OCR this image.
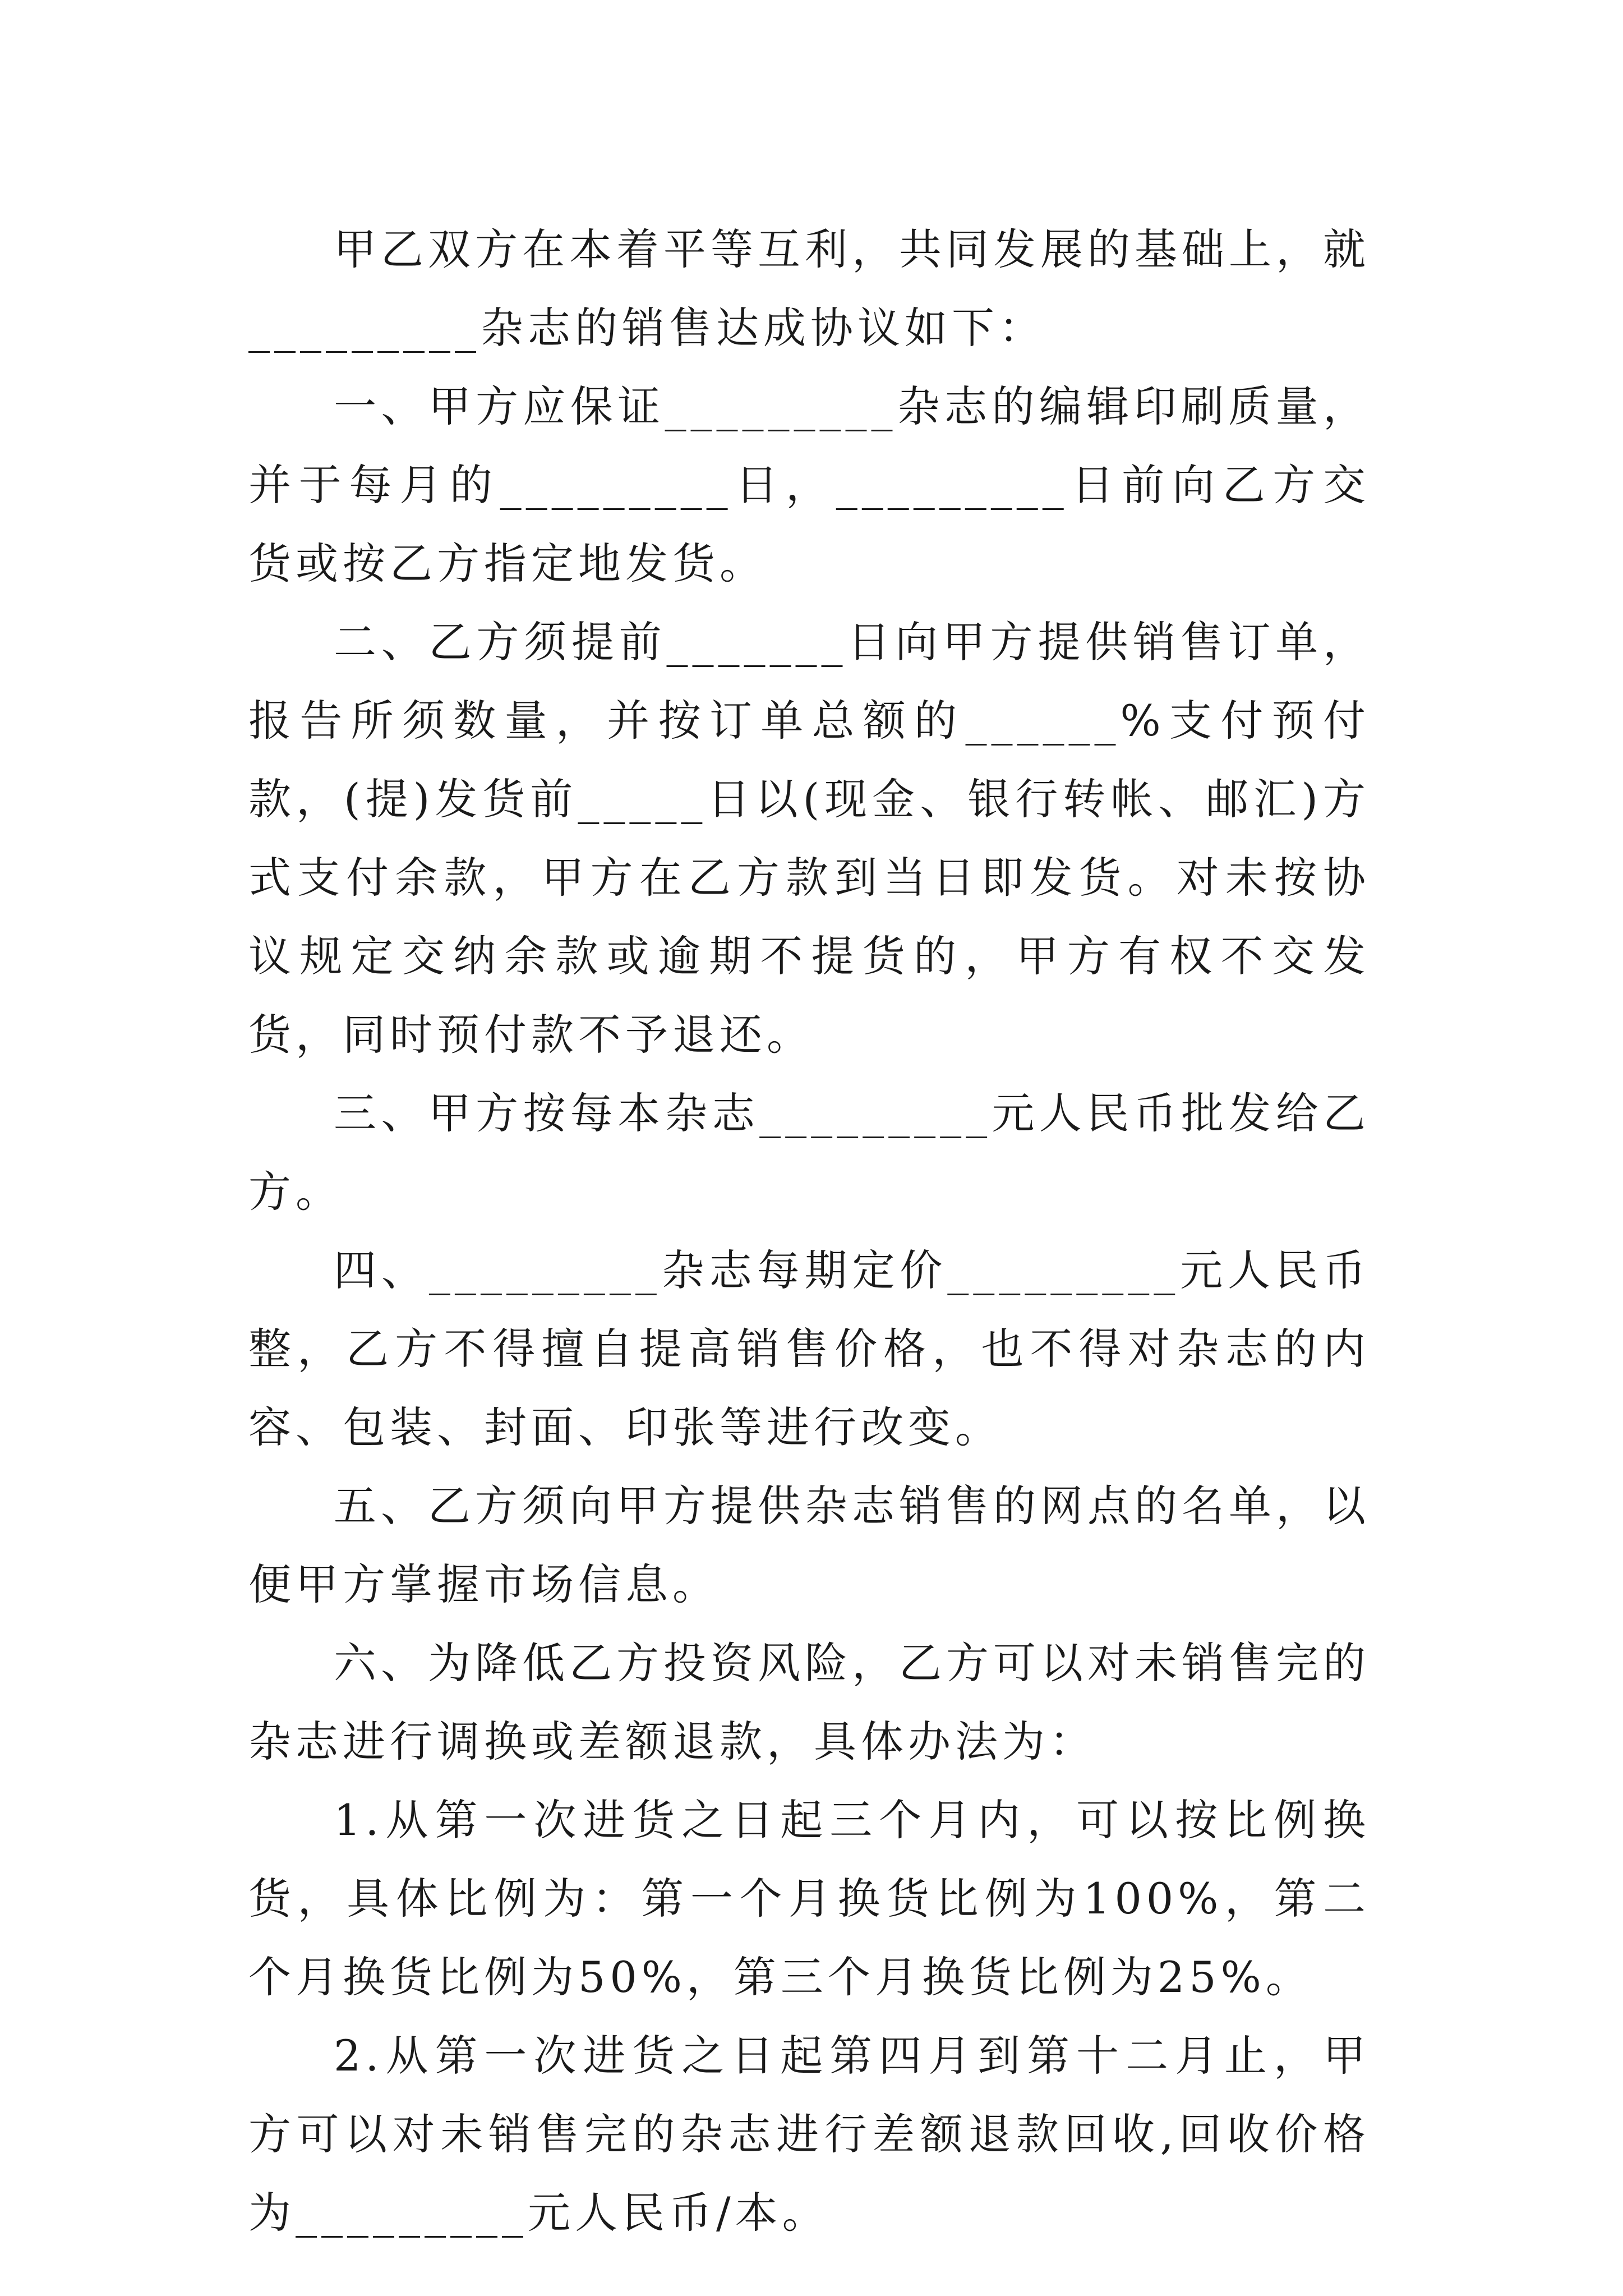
甲乙双方在本着平等互利，共同发展的基础上，就_________杂志的销售达成协议如下：

一、甲方应保证_________杂志的编辑印刷质量，并于每月的_________日，_________日前向乙方交货或按乙方指定地发货。

二、乙方须提前_______日向甲方提供销售订单，报告所须数量，并按订单总额的______%支付预付款，(提)发货前_____日以(现金、银行转帐、邮汇)方式支付余款，甲方在乙方款到当日即发货。对未按协议规定交纳余款或逾期不提货的，甲方有权不交发货，同时预付款不予退还。

三、甲方按每本杂志_________元人民币批发给乙方。

四、_________杂志每期定价_________元人民币整，乙方不得擅自提高销售价格，也不得对杂志的内容、包装、封面、印张等进行改变。

五、乙方须向甲方提供杂志销售的网点的名单，以便甲方掌握市场信息。

六、为降低乙方投资风险，乙方可以对未销售完的杂志进行调换或差额退款，具体办法为：

1.从第一次进货之日起三个月内，可以按比例换货，具体比例为：第一个月换货比例为100%，第二个月换货比例为50%，第三个月换货比例为25%。

2.从第一次进货之日起第四月到第十二月止，甲方可以对未销售完的杂志进行差额退款回收,回收价格为_________元人民币/本。
